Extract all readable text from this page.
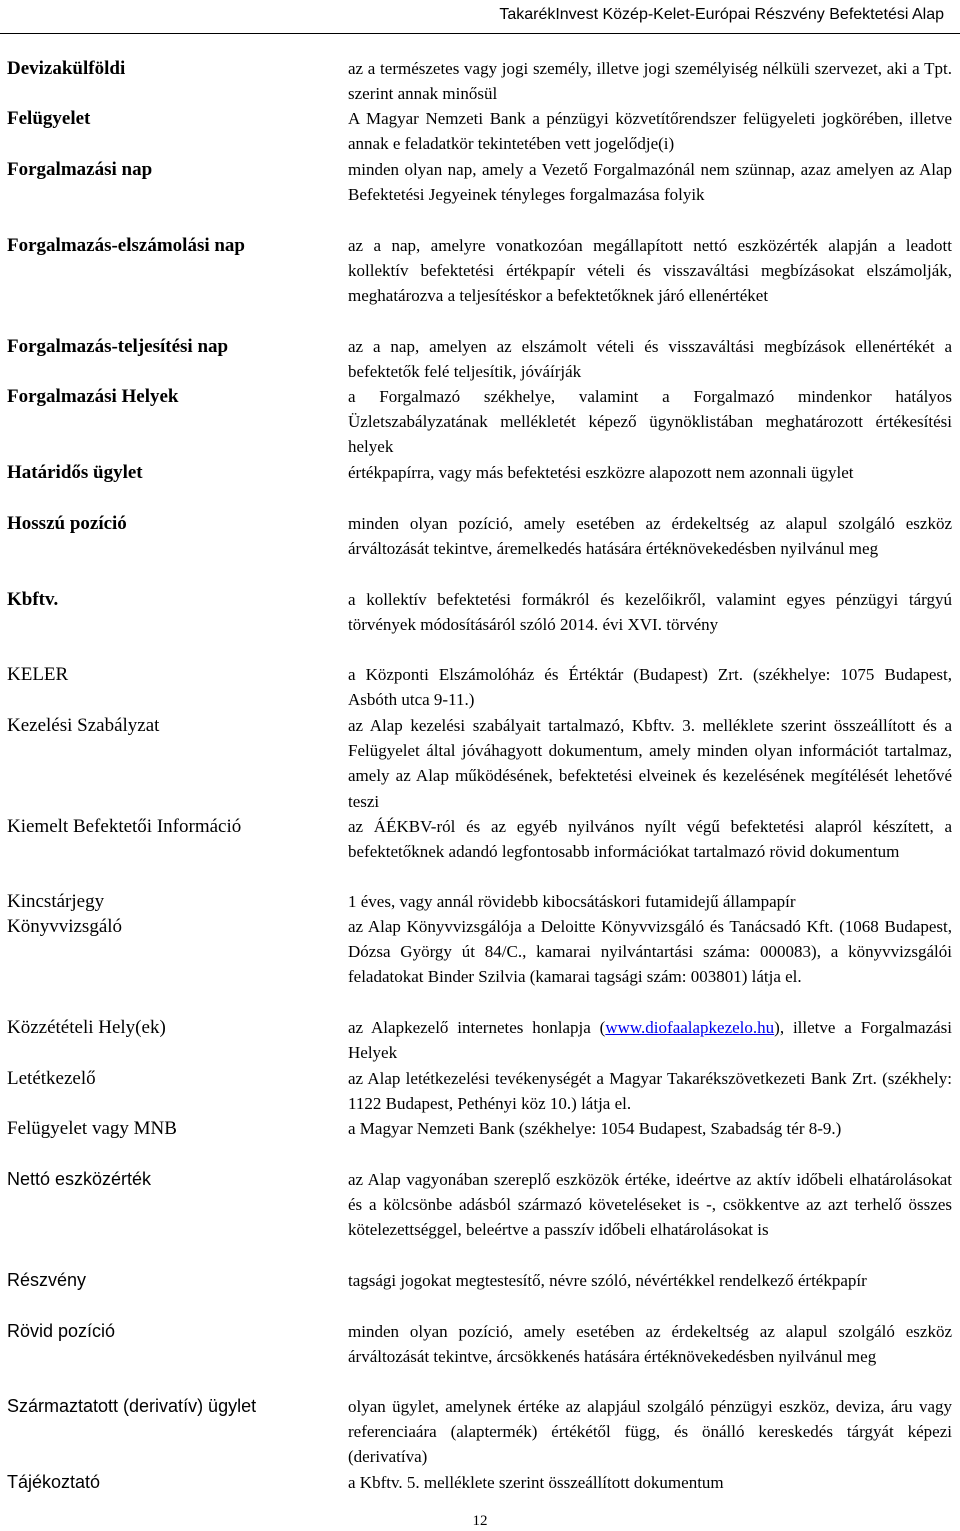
TakarékInvest Közép-Kelet-Európai Részvény Befektetési Alap
Devizakülföldi	az a természetes vagy jogi személy, illetve jogi személyiség nélküli szervezet, aki a Tpt. szerint annak minősül
Felügyelet	A Magyar Nemzeti Bank a pénzügyi közvetítőrendszer felügyeleti jogkörében, illetve annak e feladatkör tekintetében vett jogelődje(i)
Forgalmazási nap	minden olyan nap, amely a Vezető Forgalmazónál nem szünnap, azaz amelyen az Alap Befektetési Jegyeinek tényleges forgalmazása folyik
Forgalmazás-elszámolási nap	az a nap, amelyre vonatkozóan megállapított nettó eszközérték alapján a leadott kollektív befektetési értékpapír vételi és visszaváltási megbízásokat elszámolják, meghatározva a teljesítéskor a befektetőknek járó ellenértéket
Forgalmazás-teljesítési nap	az a nap, amelyen az elszámolt vételi és visszaváltási megbízások ellenértékét a befektetők felé teljesítik, jóváírják
Forgalmazási Helyek	a Forgalmazó székhelye, valamint a Forgalmazó mindenkor hatályos Üzletszabályzatának mellékletét képező ügynöklistában meghatározott értékesítési helyek
Határidős ügylet	értékpapírra, vagy más befektetési eszközre alapozott nem azonnali ügylet
Hosszú pozíció	minden olyan pozíció, amely esetében az érdekeltség az alapul szolgáló eszköz árváltozását tekintve, áremelkedés hatására értéknövekedésben nyilvánul meg
Kbftv.	a kollektív befektetési formákról és kezelőikről, valamint egyes pénzügyi tárgyú törvények módosításáról szóló 2014. évi XVI. törvény
KELER	a Központi Elszámolóház és Értéktár (Budapest) Zrt. (székhelye: 1075 Budapest, Asbóth utca 9-11.)
Kezelési Szabályzat	az Alap kezelési szabályait tartalmazó, Kbftv. 3. melléklete szerint összeállított és a Felügyelet által jóváhagyott dokumentum, amely minden olyan információt tartalmaz, amely az Alap működésének, befektetési elveinek és kezelésének megítélését lehetővé teszi
Kiemelt Befektetői Információ	az ÁÉKBV-ról és az egyéb nyilvános nyílt végű befektetési alapról készített, a befektetőknek adandó legfontosabb információkat tartalmazó rövid dokumentum
Kincstárjegy	1 éves, vagy annál rövidebb kibocsátáskori futamidejű állampapír
Könyvvizsgáló	az Alap Könyvvizsgálója a Deloitte Könyvvizsgáló és Tanácsadó Kft. (1068 Budapest, Dózsa György út 84/C., kamarai nyilvántartási száma: 000083), a könyvvizsgálói feladatokat Binder Szilvia (kamarai tagsági szám: 003801) látja el.
Közzétételi Hely(ek)	az Alapkezelő internetes honlapja (www.diofaalapkezelo.hu), illetve a Forgalmazási Helyek
Letétkezelő	az Alap letétkezelési tevékenységét a Magyar Takarékszövetkezeti Bank Zrt. (székhely: 1122 Budapest, Pethényi köz 10.) látja el.
Felügyelet vagy MNB	a Magyar Nemzeti Bank (székhelye: 1054 Budapest, Szabadság tér 8-9.)
Nettó eszközérték	az Alap vagyonában szereplő eszközök értéke, ideértve az aktív időbeli elhatárolásokat és a kölcsönbe adásból származó követeléseket is -, csökkentve az azt terhelő összes kötelezettséggel, beleértve a passzív időbeli elhatárolásokat is
Részvény	tagsági jogokat megtestesítő, névre szóló, névértékkel rendelkező értékpapír
Rövid pozíció	minden olyan pozíció, amely esetében az érdekeltség az alapul szolgáló eszköz árváltozását tekintve, árcsökkenés hatására értéknövekedésben nyilvánul meg
Származtatott (derivatív) ügylet	olyan ügylet, amelynek értéke az alapjául szolgáló pénzügyi eszköz, deviza, áru vagy referenciaára (alaptermék) értékétől függ, és önálló kereskedés tárgyát képezi (derivatíva)
Tájékoztató	a Kbftv. 5. melléklete szerint összeállított dokumentum
12
